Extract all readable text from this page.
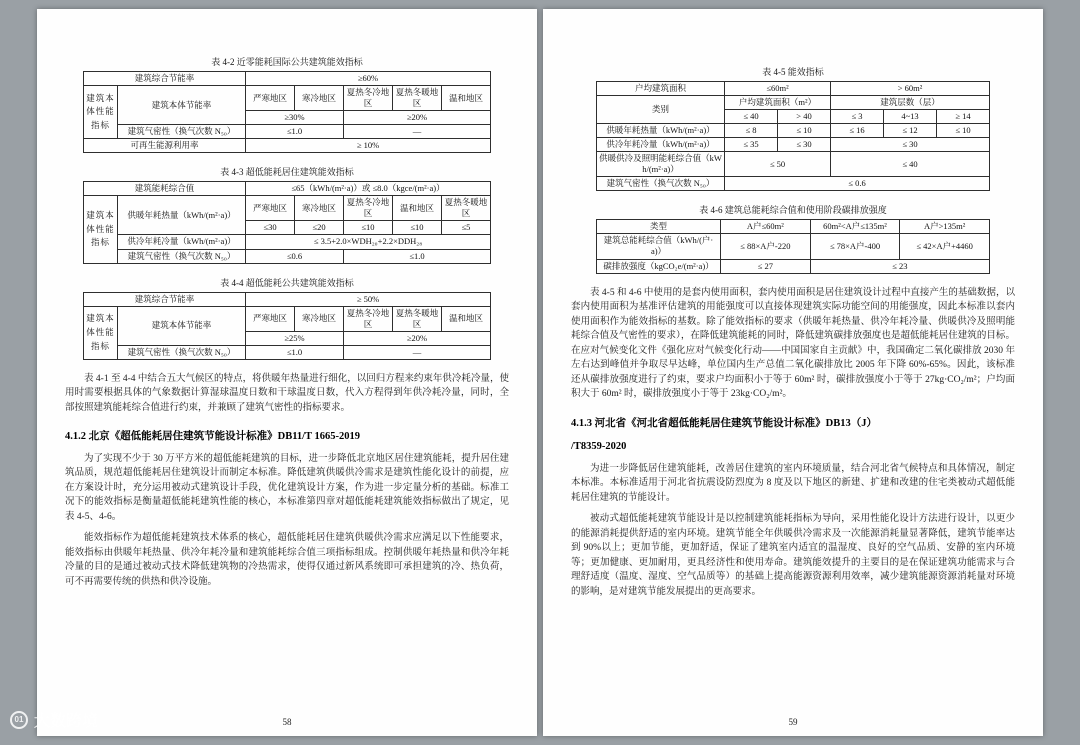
表 4-2 近零能耗国际公共建筑能效指标
建筑综合节能率		≥60%				
建筑本体性能指标	建筑本体节能率	严寒地区	寒冷地区	夏热冬冷地区	夏热冬暖地区	温和地区
		≥30%		≥20%		
	建筑气密性（换气次数 N₅₀）	≤1.0		—		
可再生能源利用率		≥ 10%				
表 4-3 超低能耗居住建筑能效指标
建筑能耗综合值		≤65（kWh/(m²·a)）或 ≤8.0（kgce/(m²·a)）				
建筑本体性能指标	供暖年耗热量（kWh/(m²·a)）	严寒地区	寒冷地区	夏热冬冷地区	温和地区	夏热冬暖地区
		≤30	≤20	≤10	≤10	≤5
	供冷年耗冷量（kWh/(m²·a)）	≤ 3.5+2.0×WDH₂₀+2.2×DDH₂₈				
	建筑气密性（换气次数 N₅₀）	≤0.6		≤1.0		
表 4-4 超低能耗公共建筑能效指标
建筑综合节能率		≥ 50%				
建筑本体性能指标	建筑本体节能率	严寒地区	寒冷地区	夏热冬冷地区	夏热冬暖地区	温和地区
		≥25%		≥20%		
	建筑气密性（换气次数 N₅₀）	≤1.0		—		

表 4-1 至 4-4 中结合五大气候区的特点，将供暖年热量进行细化，以回归方程来约束年供冷耗冷量，使用时需要根据具体的气象数据计算湿球温度日数和干球温度日数，代入方程得到年供冷耗冷量，同时，全部按照建筑能耗综合值进行约束，并兼顾了建筑气密性的指标要求。

4.1.2 北京《超低能耗居住建筑节能设计标准》DB11/T 1665-2019

为了实现不少于 30 万平方米的超低能耗建筑的目标，进一步降低北京地区居住建筑能耗，提升居住建筑品质，规范超低能耗居住建筑设计而制定本标准。降低建筑供暖供冷需求是建筑性能化设计的前提，应在方案设计时，充分运用被动式建筑设计手段，优化建筑设计方案，作为进一步定量分析的基础。标准工况下的能效指标是衡量超低能耗建筑性能的核心，本标准第四章对超低能耗建筑能效指标做出了规定，见表 4-5、4-6。

能效指标作为超低能耗建筑技术体系的核心，超低能耗居住建筑供暖供冷需求应满足以下性能要求，能效指标由供暖年耗热量、供冷年耗冷量和建筑能耗综合值三项指标组成。控制供暖年耗热量和供冷年耗冷量的目的是通过被动式技术降低建筑物的冷热需求，使得仅通过新风系统即可承担建筑的冷、热负荷，可不再需要传统的供热和供冷设施。

58
表 4-5 能效指标
户均建筑面积	≤60m²		> 60m²		
类别	户均建筑面积（m²）		建筑层数（层）		
	≤ 40	> 40	≤ 3	4~13	≥ 14
供暖年耗热量（kWh/(m²·a)）	≤ 8	≤ 10	≤ 16	≤ 12	≤ 10
供冷年耗冷量（kWh/(m²·a)）	≤ 35	≤ 30	≤ 30		
供暖供冷及照明能耗综合值（kWh/(m²·a)）	≤ 50		≤ 40		
建筑气密性（换气次数 N₅₀）	≤ 0.6				
表 4-6 建筑总能耗综合值和使用阶段碳排放强度
类型	A户≤60m²	60m²<A户≤135m²	A户>135m²
建筑总能耗综合值（kWh/(户·a)）	≤ 88×A户-220	≤ 78×A户-400	≤ 42×A户+4460
碳排放强度（kgCO₂e/(m²·a)）	≤ 27	≤ 23	

表 4-5 和 4-6 中使用的是套内使用面积，套内使用面积是居住建筑设计过程中直接产生的基础数据，以套内使用面积为基准评估建筑的用能强度可以直接体现建筑实际功能空间的用能强度，因此本标准以套内使用面积作为能效指标的基数。除了能效指标的要求（供暖年耗热量、供冷年耗冷量、供暖供冷及照明能耗综合值及气密性的要求），在降低建筑能耗的同时，降低建筑碳排放强度也是超低能耗居住建筑的目标。在应对气候变化文件《强化应对气候变化行动——中国国家自主贡献》中，我国确定二氧化碳排放 2030 年左右达到峰值并争取尽早达峰，单位国内生产总值二氧化碳排放比 2005 年下降 60%-65%。因此，该标准还从碳排放强度进行了约束，要求户均面积小于等于 60m² 时，碳排放强度小于等于 27kg·CO₂/m²；户均面积大于 60m² 时，碳排放强度小于等于 23kg·CO₂/m²。

4.1.3 河北省《河北省超低能耗居住建筑节能设计标准》DB13（J）
/T8359-2020

为进一步降低居住建筑能耗，改善居住建筑的室内环境质量，结合河北省气候特点和具体情况，制定本标准。本标准适用于河北省抗震设防烈度为 8 度及以下地区的新建、扩建和改建的住宅类被动式超低能耗居住建筑的节能设计。

被动式超低能耗建筑节能设计是以控制建筑能耗指标为导向，采用性能化设计方法进行设计，以更少的能源消耗提供舒适的室内环境。建筑节能全年供暖供冷需求及一次能源消耗量显著降低，建筑节能率达到 90%以上；更加节能，更加舒适，保证了建筑室内适宜的温湿度、良好的空气品质、安静的室内环境等；更加健康、更加耐用，更具经济性和使用寿命。建筑能效提升的主要目的是在保证建筑功能需求与合理舒适度（温度、湿度、空气品质等）的基础上提高能源资源利用效率，减少建筑能源资源消耗量对环境的影响，是对建筑节能发展提出的更高要求。

59
01 大数跨境
